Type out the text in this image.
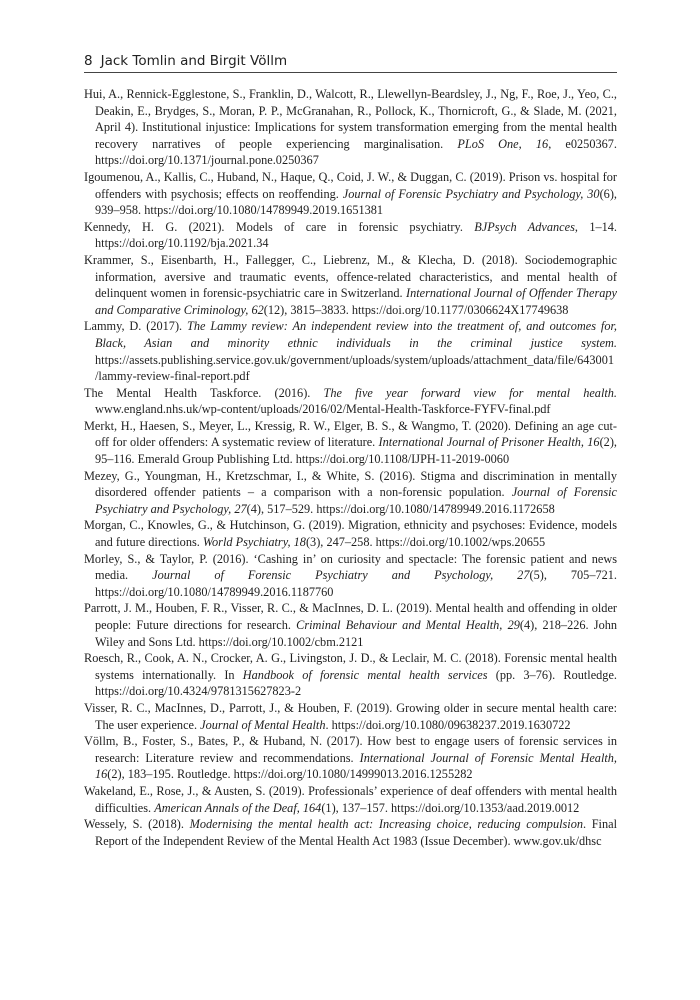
8 Jack Tomlin and Birgit Völlm

Hui, A., Rennick-Egglestone, S., Franklin, D., Walcott, R., Llewellyn-Beardsley, J., Ng, F., Roe, J., Yeo, C., Deakin, E., Brydges, S., Moran, P. P., McGranahan, R., Pollock, K., Thornicroft, G., & Slade, M. (2021, April 4). Institutional injustice: Implications for system transformation emerging from the mental health recovery narratives of people experiencing marginalisation. PLoS One, 16, e0250367. https://doi.org/10.1371/journal.pone.0250367

Igoumenou, A., Kallis, C., Huband, N., Haque, Q., Coid, J. W., & Duggan, C. (2019). Prison vs. hospital for offenders with psychosis; effects on reoffending. Journal of Forensic Psychiatry and Psychology, 30(6), 939–958. https://doi.org/10.1080/14789949.2019.1651381

Kennedy, H. G. (2021). Models of care in forensic psychiatry. BJPsych Advances, 1–14. https://doi.org/10.1192/bja.2021.34

Krammer, S., Eisenbarth, H., Fallegger, C., Liebrenz, M., & Klecha, D. (2018). Sociodemographic information, aversive and traumatic events, offence-related characteristics, and mental health of delinquent women in forensic-psychiatric care in Switzerland. International Journal of Offender Therapy and Comparative Criminology, 62(12), 3815–3833. https://doi.org/10.1177/0306624X17749638

Lammy, D. (2017). The Lammy review: An independent review into the treatment of, and outcomes for, Black, Asian and minority ethnic individuals in the criminal justice system. https://assets.publishing.service.gov.uk/government/uploads/system/uploads/attachment_data/file/643001/lammy-review-final-report.pdf

The Mental Health Taskforce. (2016). The five year forward view for mental health. www.england.nhs.uk/wp-content/uploads/2016/02/Mental-Health-Taskforce-FYFV-final.pdf

Merkt, H., Haesen, S., Meyer, L., Kressig, R. W., Elger, B. S., & Wangmo, T. (2020). Defining an age cut-off for older offenders: A systematic review of literature. International Journal of Prisoner Health, 16(2), 95–116. Emerald Group Publishing Ltd. https://doi.org/10.1108/IJPH-11-2019-0060

Mezey, G., Youngman, H., Kretzschmar, I., & White, S. (2016). Stigma and discrimination in mentally disordered offender patients – a comparison with a non-forensic population. Journal of Forensic Psychiatry and Psychology, 27(4), 517–529. https://doi.org/10.1080/14789949.2016.1172658

Morgan, C., Knowles, G., & Hutchinson, G. (2019). Migration, ethnicity and psychoses: Evidence, models and future directions. World Psychiatry, 18(3), 247–258. https://doi.org/10.1002/wps.20655

Morley, S., & Taylor, P. (2016). ‘Cashing in’ on curiosity and spectacle: The forensic patient and news media. Journal of Forensic Psychiatry and Psychology, 27(5), 705–721. https://doi.org/10.1080/14789949.2016.1187760

Parrott, J. M., Houben, F. R., Visser, R. C., & MacInnes, D. L. (2019). Mental health and offending in older people: Future directions for research. Criminal Behaviour and Mental Health, 29(4), 218–226. John Wiley and Sons Ltd. https://doi.org/10.1002/cbm.2121

Roesch, R., Cook, A. N., Crocker, A. G., Livingston, J. D., & Leclair, M. C. (2018). Forensic mental health systems internationally. In Handbook of forensic mental health services (pp. 3–76). Routledge. https://doi.org/10.4324/9781315627823-2

Visser, R. C., MacInnes, D., Parrott, J., & Houben, F. (2019). Growing older in secure mental health care: The user experience. Journal of Mental Health. https://doi.org/10.1080/09638237.2019.1630722

Völlm, B., Foster, S., Bates, P., & Huband, N. (2017). How best to engage users of forensic services in research: Literature review and recommendations. International Journal of Forensic Mental Health, 16(2), 183–195. Routledge. https://doi.org/10.1080/14999013.2016.1255282

Wakeland, E., Rose, J., & Austen, S. (2019). Professionals’ experience of deaf offenders with mental health difficulties. American Annals of the Deaf, 164(1), 137–157. https://doi.org/10.1353/aad.2019.0012

Wessely, S. (2018). Modernising the mental health act: Increasing choice, reducing compulsion. Final Report of the Independent Review of the Mental Health Act 1983 (Issue December). www.gov.uk/dhsc
